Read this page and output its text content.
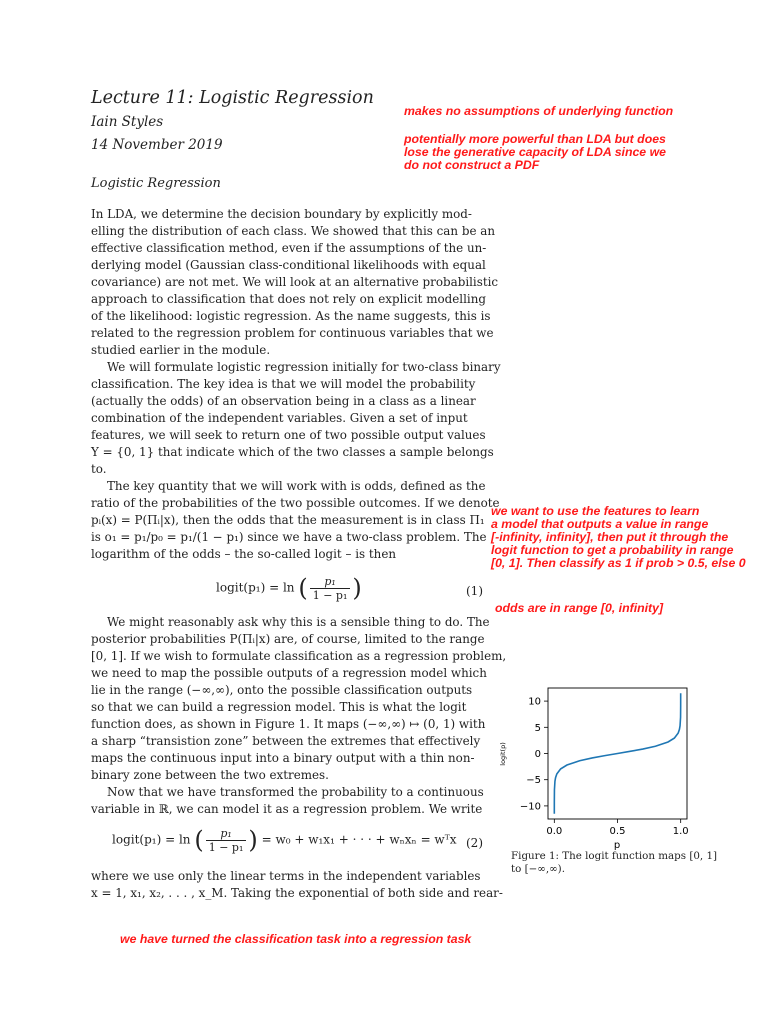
Lecture 11: Logistic Regression
Iain Styles
14 November 2019
Logistic Regression
In LDA, we determine the decision boundary by explicitly mod-
elling the distribution of each class. We showed that this can be an
effective classification method, even if the assumptions of the un-
derlying model (Gaussian class-conditional likelihoods with equal
covariance) are not met. We will look at an alternative probabilistic
approach to classification that does not rely on explicit modelling
of the likelihood: logistic regression. As the name suggests, this is
related to the regression problem for continuous variables that we
studied earlier in the module.
We will formulate logistic regression initially for two-class binary
classification. The key idea is that we will model the probability
(actually the odds) of an observation being in a class as a linear
combination of the independent variables. Given a set of input
features, we will seek to return one of two possible output values
Y = {0, 1} that indicate which of the two classes a sample belongs
to.
The key quantity that we will work with is odds, defined as the
ratio of the probabilities of the two possible outcomes. If we denote
pᵢ(x) = P(Πᵢ|x), then the odds that the measurement is in class Π₁
is o₁ = p₁/p₀ = p₁/(1 − p₁) since we have a two-class problem. The
logarithm of the odds – the so-called logit – is then
logit(p₁) = ln ( $\frac{\text{p₁}}{\text{1 − p₁}}$ )	(1)
We might reasonably ask why this is a sensible thing to do. The
posterior probabilities P(Πᵢ|x) are, of course, limited to the range
[0, 1]. If we wish to formulate classification as a regression problem,
we need to map the possible outputs of a regression model which
lie in the range (−∞,∞), onto the possible classification outputs
so that we can build a regression model. This is what the logit
function does, as shown in Figure 1. It maps (−∞,∞) ↦ (0, 1) with
a sharp “transistion zone” between the extremes that effectively
maps the continuous input into a binary output with a thin non-
binary zone between the two extremes.
Now that we have transformed the probability to a continuous
variable in ℝ, we can model it as a regression problem. We write
logit(p₁) = ln ( $\frac{\text{p₁}}{\text{1 − p₁}}$ ) = w₀ + w₁x₁ + · · · + wₙxₙ = wᵀx (2)
where we use only the linear terms in the independent variables
x = 1, x₁, x₂, . . . , x_M. Taking the exponential of both side and rear-
makes no assumptions of underlying function
potentially more powerful than LDA but does
lose the generative capacity of LDA since we
do not construct a PDF
we want to use the features to learn
a model that outputs a value in range
[-infinity, infinity], then put it through the
logit function to get a probability in range
[0, 1]. Then classify as 1 if prob > 0.5, else 0
odds are in range [0, infinity]
we have turned the classification task into a regression task
10
5
0
−5
−10
0.0	0.5	1.0
p
logit(p)
Figure 1: The logit function maps [0, 1]
to [−∞,∞).
